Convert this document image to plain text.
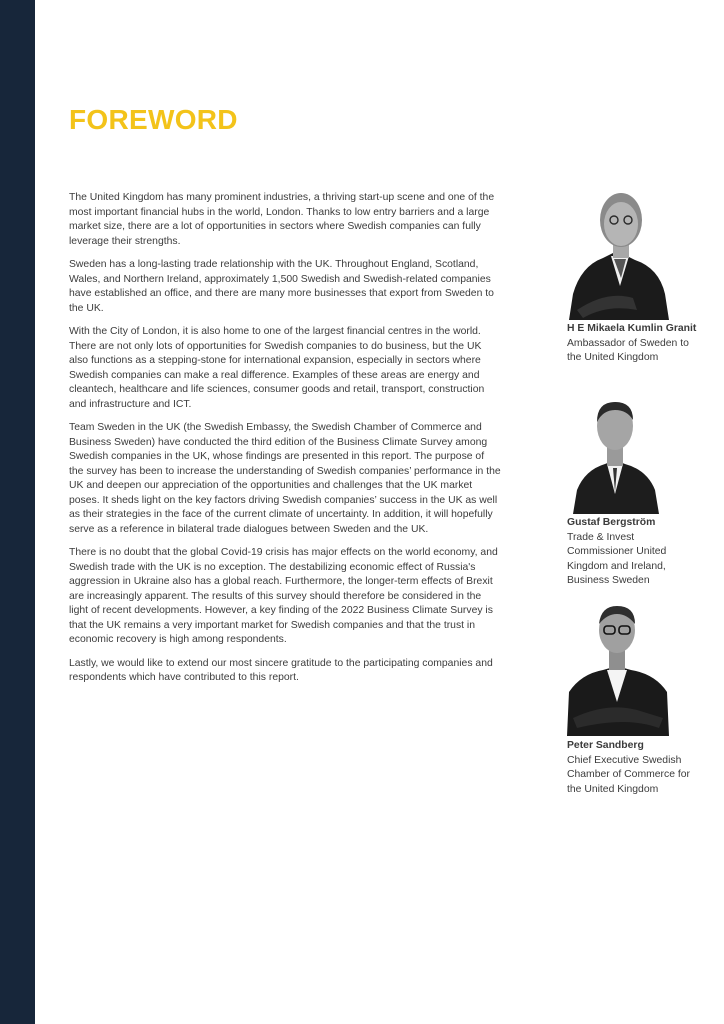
FOREWORD

The United Kingdom has many prominent industries, a thriving start-up scene and one of the most important financial hubs in the world, London. Thanks to low entry barriers and a large market size, there are a lot of opportunities in sectors where Swedish companies can fully leverage their strengths.

Sweden has a long-lasting trade relationship with the UK. Throughout England, Scotland, Wales, and Northern Ireland, approximately 1,500 Swedish and Swedish-related companies have established an office, and there are many more businesses that export from Sweden to the UK.

With the City of London, it is also home to one of the largest financial centres in the world. There are not only lots of opportunities for Swedish companies to do business, but the UK also functions as a stepping-stone for international expansion, especially in sectors where Swedish companies can make a real difference. Examples of these areas are energy and cleantech, healthcare and life sciences, consumer goods and retail, transport, construction and infrastructure and ICT.

Team Sweden in the UK (the Swedish Embassy, the Swedish Chamber of Commerce and Business Sweden) have conducted the third edition of the Business Climate Survey among Swedish companies in the UK, whose findings are presented in this report. The purpose of the survey has been to increase the understanding of Swedish companies’ performance in the UK and deepen our appreciation of the opportunities and challenges that the UK market poses. It sheds light on the key factors driving Swedish companies’ success in the UK as well as their strategies in the face of the current climate of uncertainty. In addition, it will hopefully serve as a reference in bilateral trade dialogues between Sweden and the UK.

There is no doubt that the global Covid-19 crisis has major effects on the world economy, and Swedish trade with the UK is no exception. The destabilizing economic effect of Russia's aggression in Ukraine also has a global reach. Furthermore, the longer-term effects of Brexit are increasingly apparent. The results of this survey should therefore be considered in the light of recent developments. However, a key finding of the 2022 Business Climate Survey is that the UK remains a very important market for Swedish companies and that the trust in economic recovery is high among respondents.

Lastly, we would like to extend our most sincere gratitude to the participating companies and respondents which have contributed to this report.

H E Mikaela Kumlin Granit
Ambassador of Sweden to the United Kingdom
Gustaf Bergström
Trade & Invest Commissioner United Kingdom and Ireland, Business Sweden
Peter Sandberg
Chief Executive Swedish Chamber of Commerce for the United Kingdom
